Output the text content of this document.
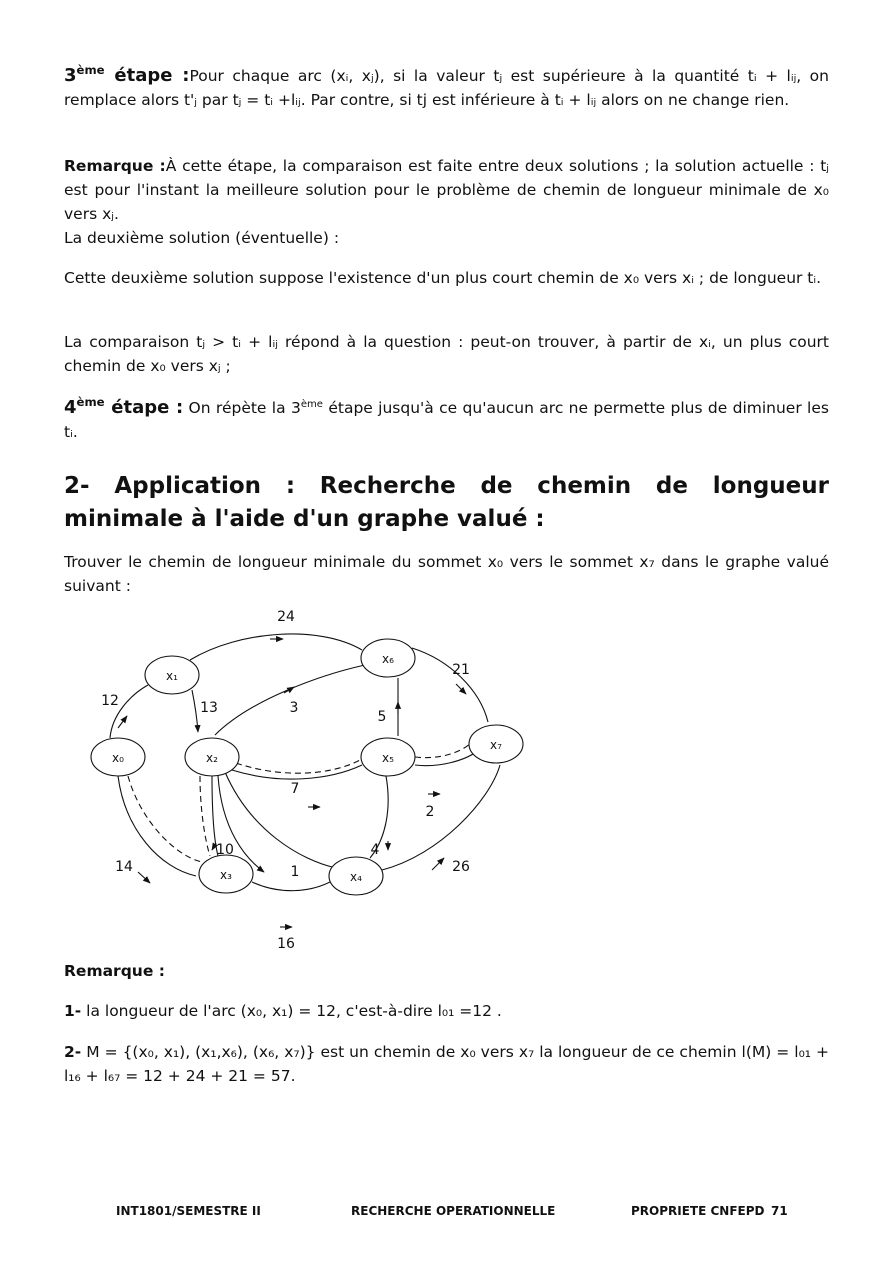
3ème étape :Pour chaque arc (xᵢ, xⱼ), si la valeur tⱼ est supérieure à la quantité tᵢ + lᵢⱼ, on remplace alors t'ⱼ par tⱼ = tᵢ +lᵢⱼ. Par contre, si tj est inférieure à tᵢ + lᵢⱼ alors on ne change rien.

Remarque :À cette étape, la comparaison est faite entre deux solutions ; la solution actuelle : tⱼ est pour l'instant la meilleure solution pour le problème de chemin de longueur minimale de x₀ vers xⱼ.
La deuxième solution (éventuelle) :

Cette deuxième solution suppose l'existence d'un plus court chemin de x₀ vers xᵢ ; de longueur tᵢ.

La comparaison tⱼ > tᵢ + lᵢⱼ répond à la question : peut-on trouver, à partir de xᵢ, un plus court chemin de x₀ vers xⱼ ;

4ème étape : On répète la 3ème étape jusqu'à ce qu'aucun arc ne permette plus de diminuer les tᵢ.

2- Application : Recherche de chemin de longueur minimale à l'aide d'un graphe valué :

Trouver le chemin de longueur minimale du sommet x₀ vers le sommet x₇ dans le graphe valué suivant :

x₀
x₁
x₂
x₃	x₄
x₅
x₆
x₇
24
21
12	13	3
5
7
2
10	4
14	1	26
16

Remarque :

1- la longueur de l'arc (x₀, x₁) = 12, c'est-à-dire l₀₁ =12 .

2- M = {(x₀, x₁), (x₁,x₆), (x₆, x₇)} est un chemin de x₀ vers x₇ la longueur de ce chemin l(M) = l₀₁ + l₁₆ + l₆₇ = 12 + 24 + 21 = 57.

INT1801/SEMESTRE II	RECHERCHE OPERATIONNELLE	PROPRIETE CNFEPD 71
